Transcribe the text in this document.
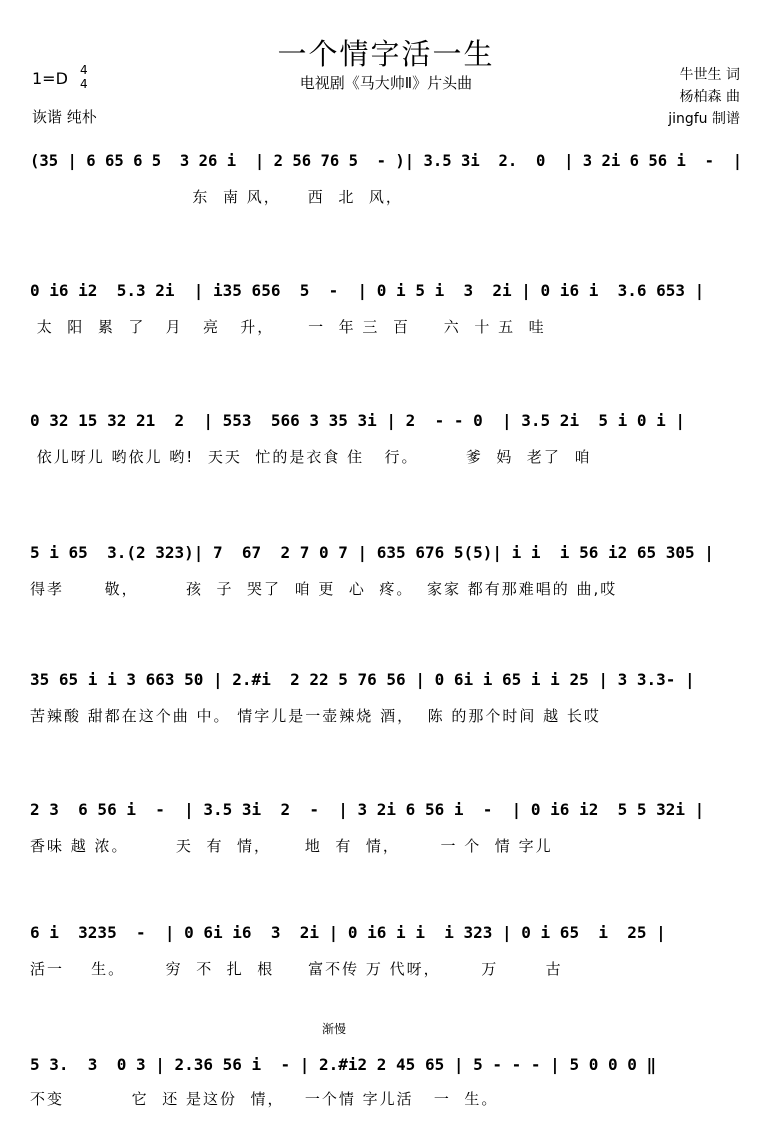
一个情字活一生
电视剧《马大帅Ⅱ》片头曲	牛世生 词
杨柏森 曲
jingfu 制谱
1=D 4
4
诙谐 纯朴
渐慢
(35 | 6 65 6 5  3 26 i  | 2 56 76 5  - )| 3.5 3i  2.  0  | 3 2i 6 56 i  -  |
东  南 风，    西  北  风，
0 i6 i2  5.3 2i  | i35 656  5  -  | 0 i 5 i  3  2i | 0 i6 i  3.6 653 |
太  阳  累  了   月   亮   升，     一  年 三  百     六  十 五  哇
0 32 15 32 21  2  | 553  566 3 35 3i | 2  - - 0  | 3.5 2i  5 i 0 i |
依儿呀儿 哟依儿 哟!  天天  忙的是衣食 住   行。       爹  妈  老了  咱
5 i 65  3.(2 323)| 7  67  2 7 0 7 | 635 676 5(5)| i i  i 56 i2 65 305 |
得孝      敬，       孩  子  哭了  咱 更  心  疼。  家家 都有那难唱的 曲,哎
35 65 i i 3 663 50 | 2.#i  2 22 5 76 56 | 0 6i i 65 i i 25 | 3 3.3- |
苦辣酸 甜都在这个曲 中。 情字儿是一壶辣烧 酒，  陈 的那个时间 越 长哎
2 3  6 56 i  -  | 3.5 3i  2  -  | 3 2i 6 56 i  -  | 0 i6 i2  5 5 32i |
香味 越 浓。       天  有  情，     地  有  情，      一 个  情 字儿
6 i  3235  -  | 0 6i i6  3  2i | 0 i6 i i  i 323 | 0 i 65  i  25 |
活一    生。      穷  不  扎  根     富不传 万 代呀，      万       古
5 3.  3  0 3 | 2.36 56 i  - | 2.#i2 2 45 65 | 5 - - - | 5 0 0 0 ‖
不变          它  还 是这份  情，   一个情 字儿活   一  生。
